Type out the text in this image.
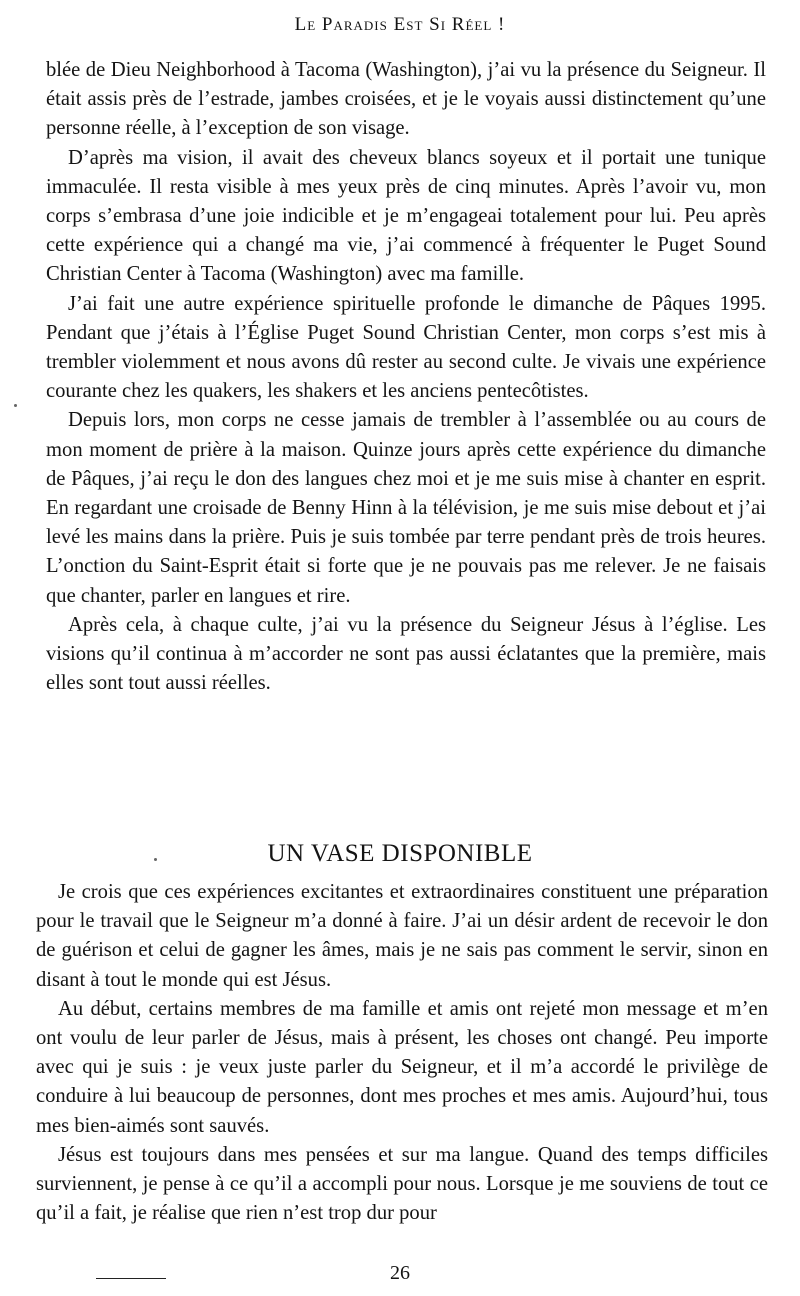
Le Paradis Est Si Réel !

blée de Dieu Neighborhood à Tacoma (Washington), j’ai vu la présence du Seigneur. Il était assis près de l’estrade, jambes croisées, et je le voyais aussi distinctement qu’une personne réelle, à l’exception de son visage.

D’après ma vision, il avait des cheveux blancs soyeux et il portait une tunique immaculée. Il resta visible à mes yeux près de cinq minutes. Après l’avoir vu, mon corps s’embrasa d’une joie indicible et je m’engageai totalement pour lui. Peu après cette expérience qui a changé ma vie, j’ai commencé à fréquenter le Puget Sound Christian Center à Tacoma (Washington) avec ma famille.

J’ai fait une autre expérience spirituelle profonde le dimanche de Pâques 1995. Pendant que j’étais à l’Église Puget Sound Christian Center, mon corps s’est mis à trembler violemment et nous avons dû rester au second culte. Je vivais une expérience courante chez les quakers, les shakers et les anciens pentecôtistes.

Depuis lors, mon corps ne cesse jamais de trembler à l’assemblée ou au cours de mon moment de prière à la maison. Quinze jours après cette expérience du dimanche de Pâques, j’ai reçu le don des langues chez moi et je me suis mise à chanter en esprit. En regardant une croisade de Benny Hinn à la télévision, je me suis mise debout et j’ai levé les mains dans la prière. Puis je suis tombée par terre pendant près de trois heures. L’onction du Saint-Esprit était si forte que je ne pouvais pas me relever. Je ne faisais que chanter, parler en langues et rire.

Après cela, à chaque culte, j’ai vu la présence du Seigneur Jésus à l’église. Les visions qu’il continua à m’accorder ne sont pas aussi éclatantes que la première, mais elles sont tout aussi réelles.

UN VASE DISPONIBLE

Je crois que ces expériences excitantes et extraordinaires constituent une préparation pour le travail que le Seigneur m’a donné à faire. J’ai un désir ardent de recevoir le don de guérison et celui de gagner les âmes, mais je ne sais pas comment le servir, sinon en disant à tout le monde qui est Jésus.

Au début, certains membres de ma famille et amis ont rejeté mon message et m’en ont voulu de leur parler de Jésus, mais à présent, les choses ont changé. Peu importe avec qui je suis : je veux juste parler du Seigneur, et il m’a accordé le privilège de conduire à lui beaucoup de personnes, dont mes proches et mes amis. Aujourd’hui, tous mes bien-aimés sont sauvés.

Jésus est toujours dans mes pensées et sur ma langue. Quand des temps difficiles surviennent, je pense à ce qu’il a accompli pour nous. Lorsque je me souviens de tout ce qu’il a fait, je réalise que rien n’est trop dur pour

26
